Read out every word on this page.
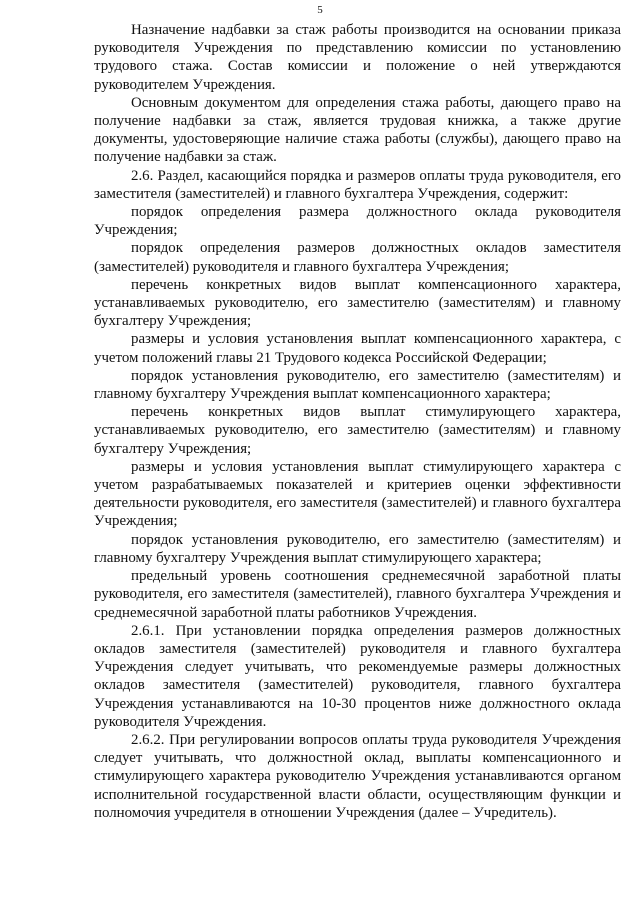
5

Назначение надбавки за стаж работы производится на основании приказа руководителя Учреждения по представлению комиссии по установлению трудового стажа. Состав комиссии и положение о ней утверждаются руководителем Учреждения.

Основным документом для определения стажа работы, дающего право на получение надбавки за стаж, является трудовая книжка, а также другие документы, удостоверяющие наличие стажа работы (службы), дающего право на получение надбавки за стаж.

2.6. Раздел, касающийся порядка и размеров оплаты труда руководителя, его заместителя (заместителей) и главного бухгалтера Учреждения, содержит:

порядок определения размера должностного оклада руководителя Учреждения;

порядок определения размеров должностных окладов заместителя (заместителей) руководителя и главного бухгалтера Учреждения;

перечень конкретных видов выплат компенсационного характера, устанавливаемых руководителю, его заместителю (заместителям) и главному бухгалтеру Учреждения;

размеры и условия установления выплат компенсационного характера, с учетом положений главы 21 Трудового кодекса Российской Федерации;

порядок установления руководителю, его заместителю (заместителям) и главному бухгалтеру Учреждения выплат компенсационного характера;

перечень конкретных видов выплат стимулирующего характера, устанавливаемых руководителю, его заместителю (заместителям) и главному бухгалтеру Учреждения;

размеры и условия установления выплат стимулирующего характера с учетом разрабатываемых показателей и критериев оценки эффективности деятельности руководителя, его заместителя (заместителей) и главного бухгалтера Учреждения;

порядок установления руководителю, его заместителю (заместителям) и главному бухгалтеру Учреждения выплат стимулирующего характера;

предельный уровень соотношения среднемесячной заработной платы руководителя, его заместителя (заместителей), главного бухгалтера Учреждения и среднемесячной заработной платы работников Учреждения.

2.6.1. При установлении порядка определения размеров должностных окладов заместителя (заместителей) руководителя и главного бухгалтера Учреждения следует учитывать, что рекомендуемые размеры должностных окладов заместителя (заместителей) руководителя, главного бухгалтера Учреждения устанавливаются на 10-30 процентов ниже должностного оклада руководителя Учреждения.

2.6.2. При регулировании вопросов оплаты труда руководителя Учреждения следует учитывать, что должностной оклад, выплаты компенсационного и стимулирующего характера руководителю Учреждения устанавливаются органом исполнительной государственной власти области, осуществляющим функции и полномочия учредителя в отношении Учреждения (далее – Учредитель).
